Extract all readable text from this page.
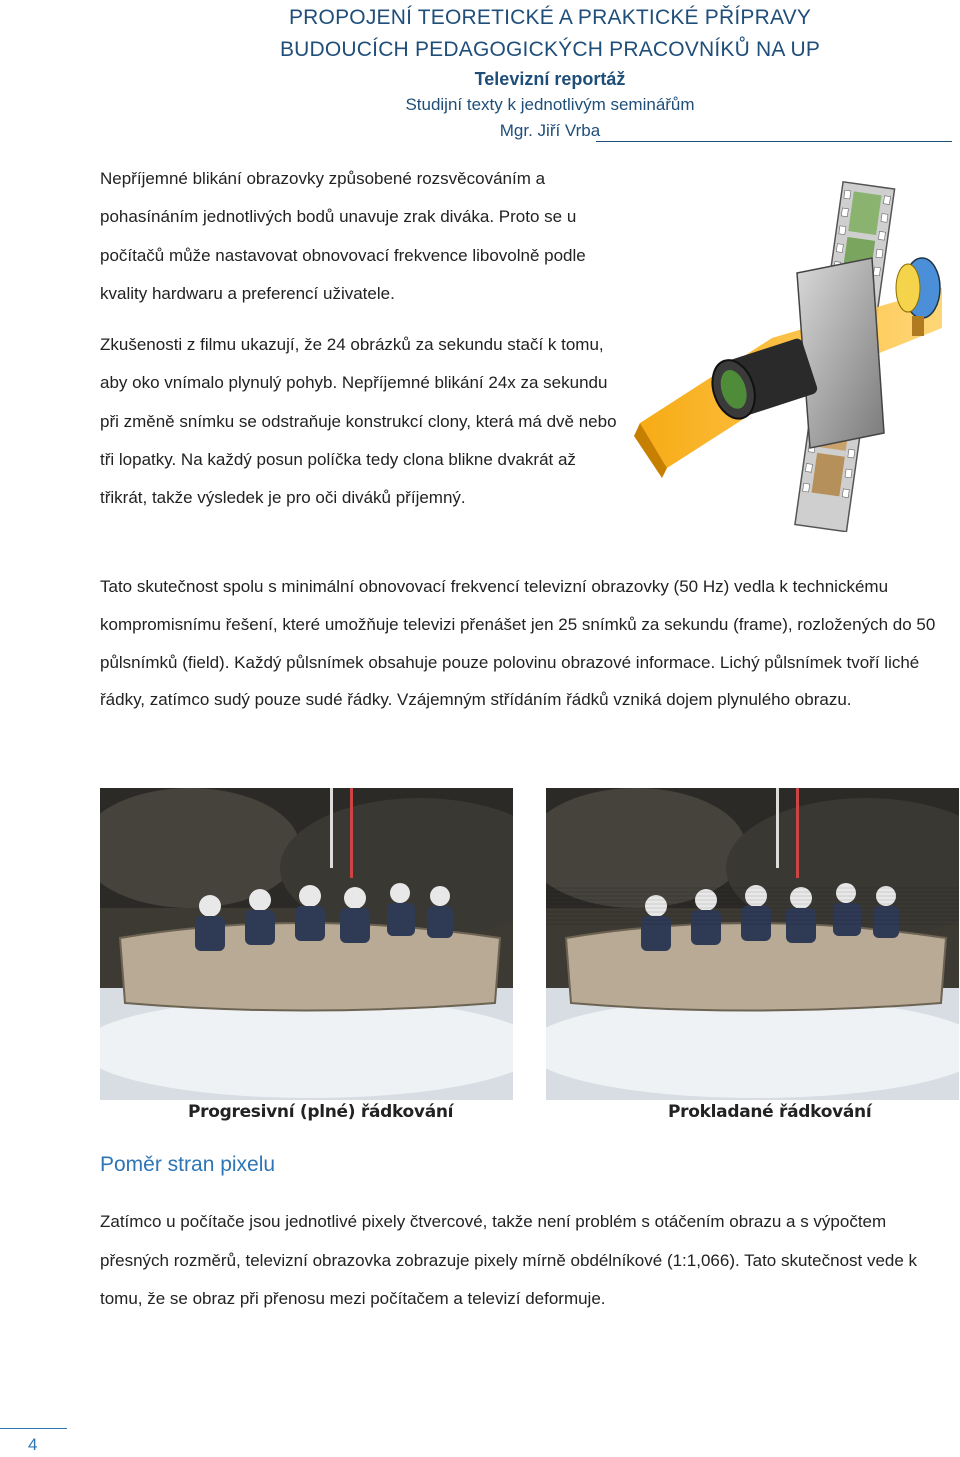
PROPOJENÍ TEORETICKÉ A PRAKTICKÉ PŘÍPRAVY
BUDOUCÍCH PEDAGOGICKÝCH PRACOVNÍKŮ NA UP
Televizní reportáž
Studijní texty k jednotlivým seminářům
Mgr. Jiří Vrba

Nepříjemné blikání obrazovky způsobené rozsvěcováním a pohasínáním jednotlivých bodů unavuje zrak diváka. Proto se u počítačů může nastavovat obnovovací frekvence libovolně podle kvality hardwaru a preferencí uživatele.

Zkušenosti z filmu ukazují, že 24 obrázků za sekundu stačí k tomu, aby oko vnímalo plynulý pohyb. Nepříjemné blikání 24x za sekundu při změně snímku se odstraňuje konstrukcí clony, která má dvě nebo tři lopatky. Na každý posun políčka tedy clona blikne dvakrát až třikrát, takže výsledek je pro oči diváků příjemný.

Tato skutečnost spolu s minimální obnovovací frekvencí televizní obrazovky (50 Hz) vedla k technickému kompromisnímu řešení, které umožňuje televizi přenášet jen 25 snímků za sekundu (frame), rozložených do 50 půlsnímků (field). Každý půlsnímek obsahuje pouze polovinu obrazové informace. Lichý půlsnímek tvoří liché řádky, zatímco sudý pouze sudé řádky. Vzájemným střídáním řádků vzniká dojem plynulého obrazu.

Progresivní (plné) řádkování	Prokladané řádkování
Poměr stran pixelu

Zatímco u počítače jsou jednotlivé pixely čtvercové, takže není problém s otáčením obrazu a s výpočtem přesných rozměrů, televizní obrazovka zobrazuje pixely mírně obdélníkové (1:1,066). Tato skutečnost vede k tomu, že se obraz při přenosu mezi počítačem a televizí deformuje.

4
